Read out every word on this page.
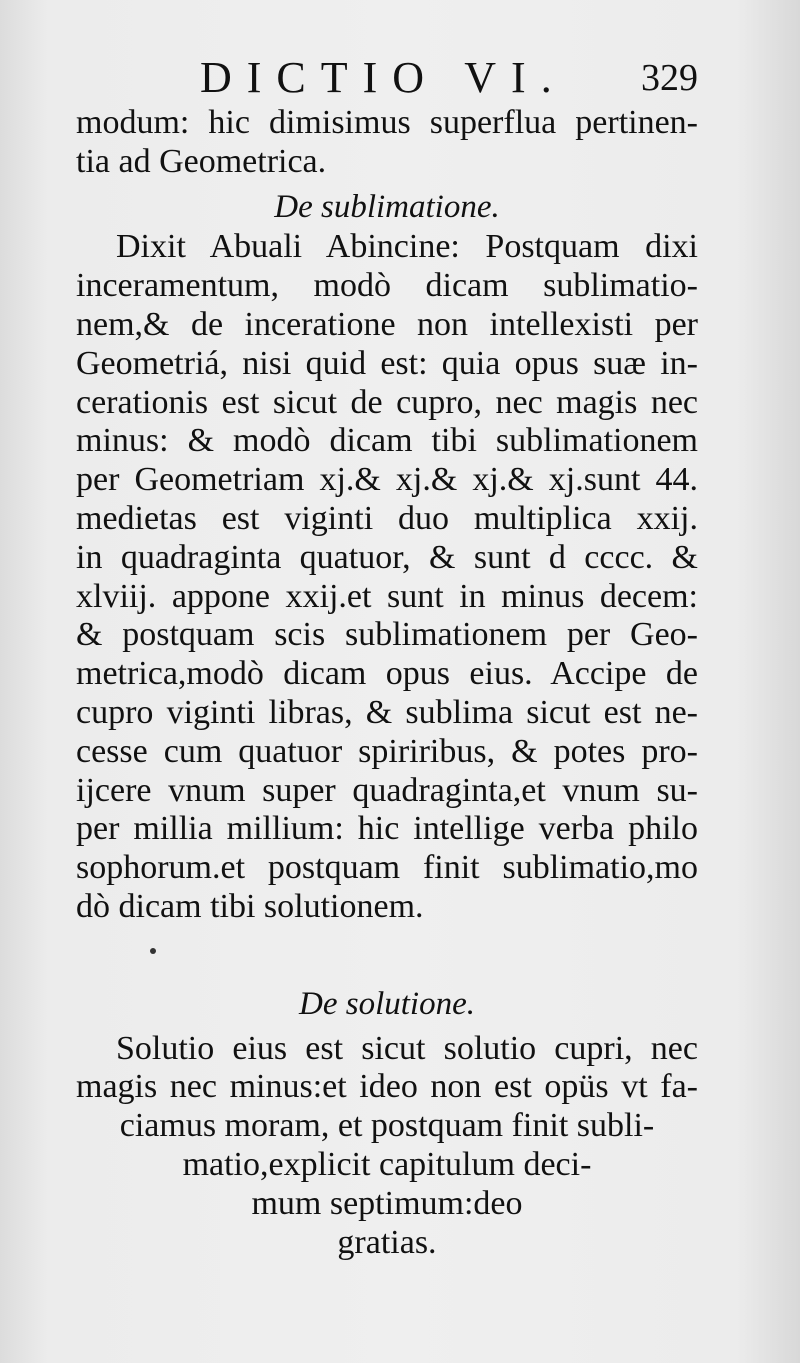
DICTIO VI. 329
modum: hic dimisimus superflua pertinen-
tia ad Geometrica.
De sublimatione.
Dixit Abuali Abincine: Postquam dixi
inceramentum, modò dicam sublimatio-
nem,& de inceratione non intellexisti per
Geometriá, nisi quid est: quia opus suæ in-
cerationis est sicut de cupro, nec magis nec
minus: & modò dicam tibi sublimationem
per Geometriam xj.& xj.& xj.& xj.sunt 44.
medietas est viginti duo multiplica xxij.
in quadraginta quatuor, & sunt d cccc. &
xlviij. appone xxij.et sunt in minus decem:
& postquam scis sublimationem per Geo-
metrica,modò dicam opus eius. Accipe de
cupro viginti libras, & sublima sicut est ne-
cesse cum quatuor spiriribus, & potes pro-
ijcere vnum super quadraginta,et vnum su-
per millia millium: hic intellige verba philo
sophorum.et postquam finit sublimatio,mo
dò dicam tibi solutionem.
De solutione.
Solutio eius est sicut solutio cupri, nec
magis nec minus:et ideo non est opüs vt fa-
ciamus moram, et postquam finit subli-
matio,explicit capitulum deci-
mum septimum:deo
gratias.
